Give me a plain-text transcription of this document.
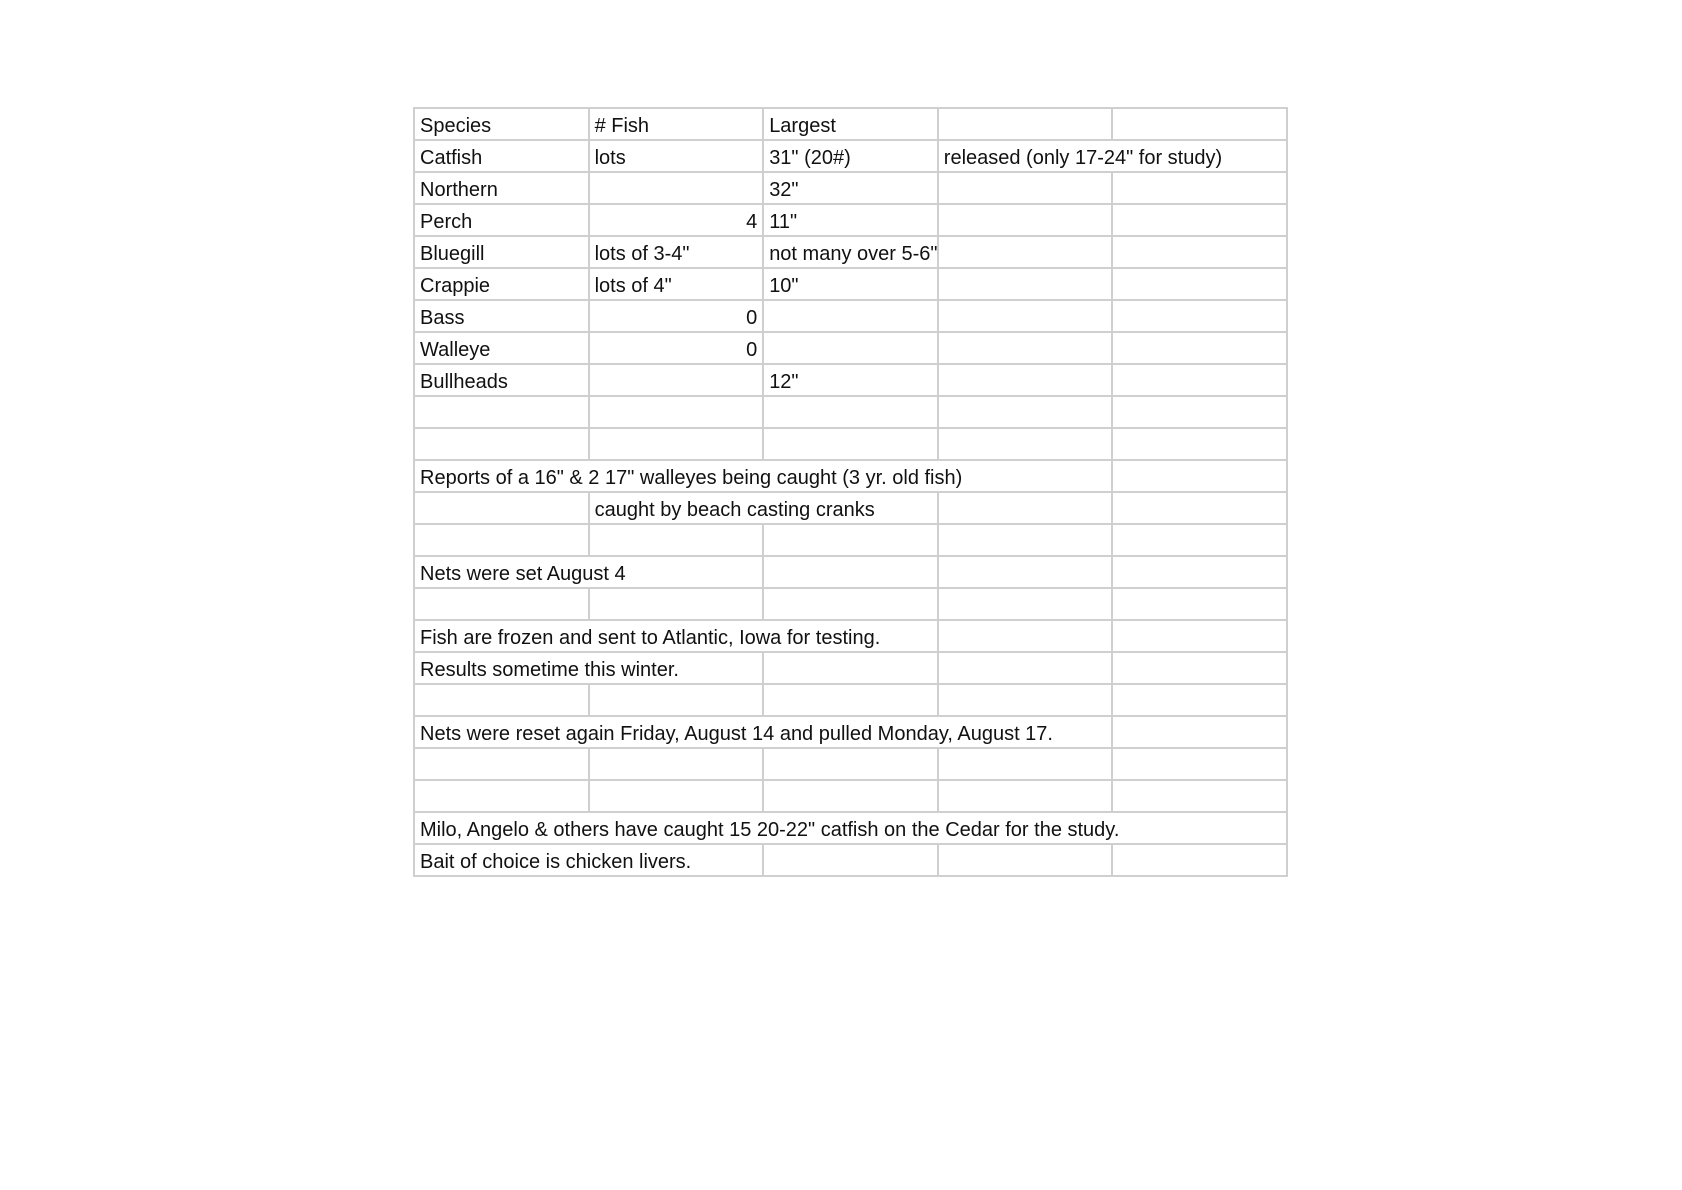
Species	# Fish	Largest		
Catfish	lots	31" (20#)	released (only 17-24" for study)	
Northern		32"		
Perch	4	11"		
Bluegill	lots of 3-4"	not many over 5-6"		
Crappie	lots of 4"	10"		
Bass	0			
Walleye	0			
Bullheads		12"		

Reports of a 16" & 2 17" walleyes being caught (3 yr. old fish)				
	caught by beach casting cranks			

Nets were set August 4				

Fish are frozen and sent to Atlantic, Iowa for testing.				
Results sometime this winter.				

Nets were reset again Friday, August 14 and pulled Monday, August 17.				

Milo, Angelo & others have caught 15 20-22" catfish on the Cedar for the study.				
Bait of choice is chicken livers.				
